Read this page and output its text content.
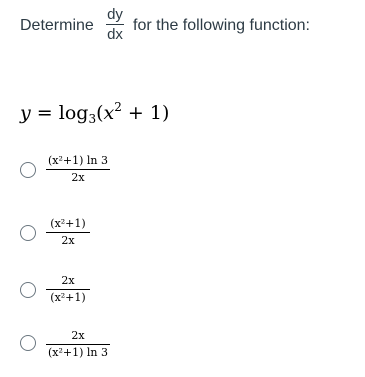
Determine
dy
dx
for the following function:
$y = \log_3(x^2 + 1)$
(x²+1) ln 3
2x
(x²+1)
2x
2x
(x²+1)
2x
(x²+1) ln 3
